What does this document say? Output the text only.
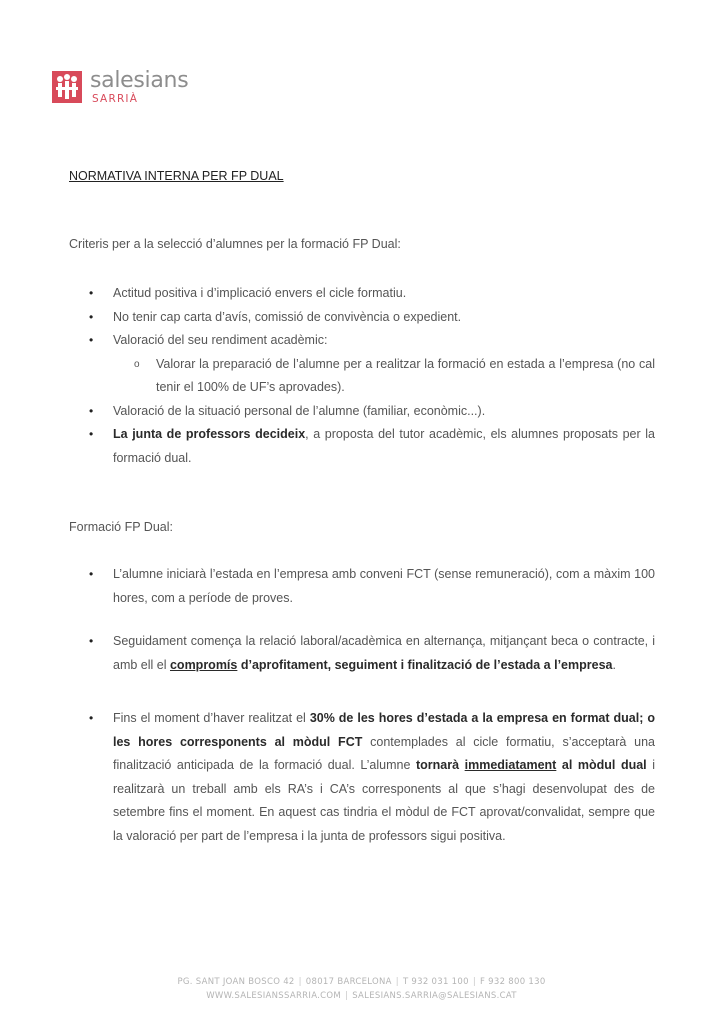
salesians
SARRIÀ
NORMATIVA INTERNA PER FP DUAL
Criteris per a la selecció d’alumnes per la formació FP Dual:
• Actitud positiva i d’implicació envers el cicle formatiu.
• No tenir cap carta d’avís, comissió de convivència o expedient.
• Valoració del seu rendiment acadèmic:
o Valorar la preparació de l’alumne per a realitzar la formació en estada a l’empresa (no cal tenir el 100% de UF’s aprovades).
• Valoració de la situació personal de l’alumne (familiar, econòmic...).
• La junta de professors decideix, a proposta del tutor acadèmic, els alumnes proposats per la formació dual.
Formació FP Dual:
• L’alumne iniciarà l’estada en l’empresa amb conveni FCT (sense remuneració), com a màxim 100 hores, com a període de proves.
• Seguidament comença la relació laboral/acadèmica en alternança, mitjançant beca o contracte, i amb ell el compromís d’aprofitament, seguiment i finalització de l’estada a l’empresa.
• Fins el moment d’haver realitzat el 30% de les hores d’estada a la empresa en format dual; o les hores corresponents al mòdul FCT contemplades al cicle formatiu, s’acceptarà una finalització anticipada de la formació dual. L’alumne tornarà immediatament al mòdul dual i realitzarà un treball amb els RA’s i CA’s corresponents al que s’hagi desenvolupat des de setembre fins el moment. En aquest cas tindria el mòdul de FCT aprovat/convalidat, sempre que la valoració per part de l’empresa i la junta de professors sigui positiva.
PG. SANT JOAN BOSCO 42 | 08017 BARCELONA | T 932 031 100 | F 932 800 130
WWW.SALESIANSSARRIA.COM | SALESIANS.SARRIA@SALESIANS.CAT
